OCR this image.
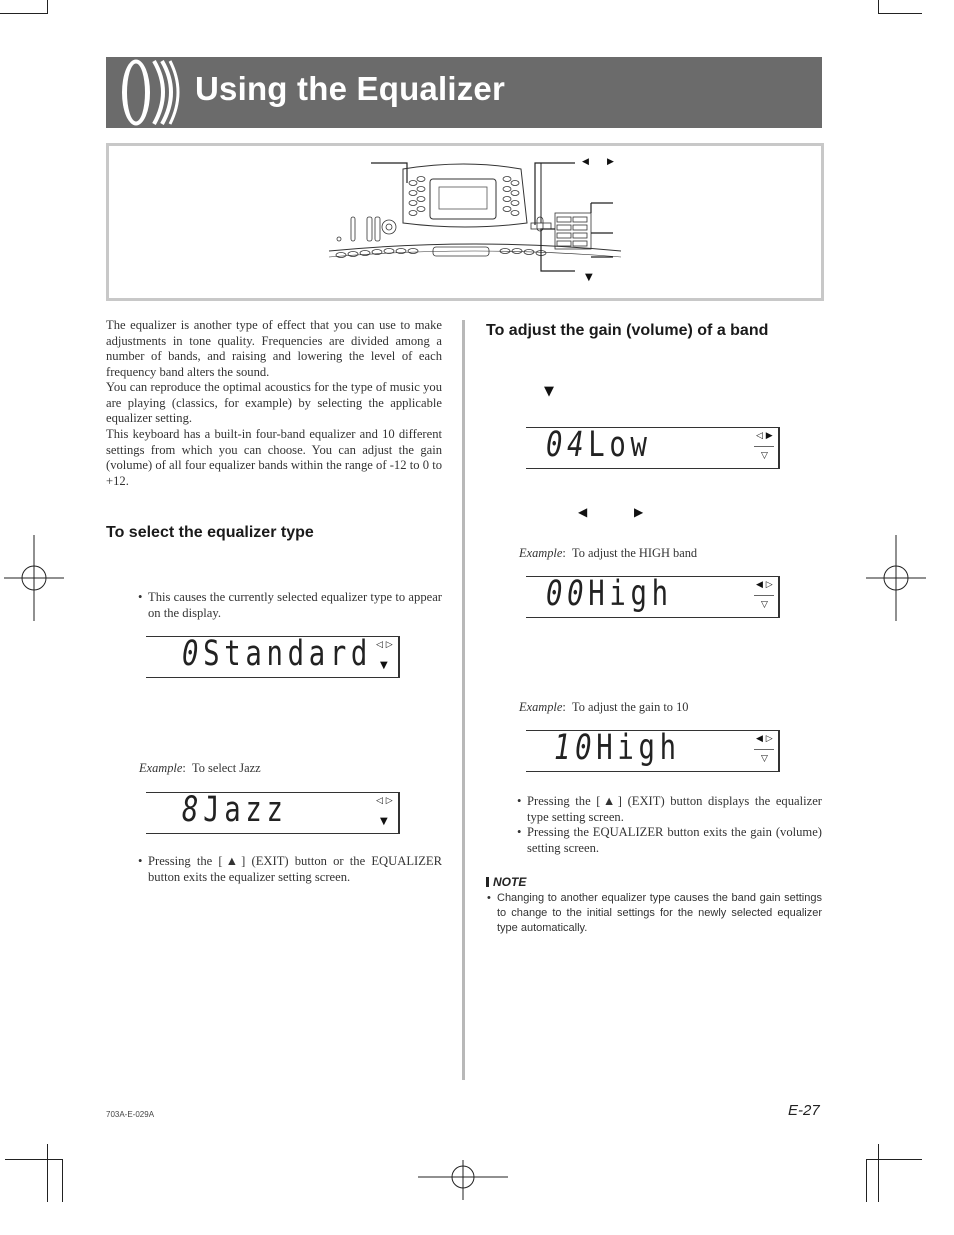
Using the Equalizer
◀ ▶
▼
The equalizer is another type of effect that you can use to make adjustments in tone quality. Frequencies are divided among a number of bands, and raising and lowering the level of each frequency band alters the sound.
You can reproduce the optimal acoustics for the type of music you are playing (classics, for example) by selecting the applicable equalizer setting.
This keyboard has a built-in four-band equalizer and 10 different settings from which you can choose. You can adjust the gain (volume) of all four equalizer bands within the range of -12 to 0 to +12.
To select the equalizer type
• This causes the currently selected equalizer type to appear on the display.
0Standard ◁ ▷
▼
Example:  To select Jazz
8Jazz	◁ ▷
▼
• Pressing the [▲] (EXIT) button or the EQUALIZER button exits the equalizer setting screen.
To adjust the gain (volume) of a band
▼
04Low	◁ ▶
▽
◀	▶
Example:  To adjust the HIGH band
00High	◀ ▷
▽
Example:  To adjust the gain to 10
10High	◀ ▷
▽
• Pressing the [▲] (EXIT) button displays the equalizer type setting screen.
• Pressing the EQUALIZER button exits the gain (volume) setting screen.
NOTE
• Changing to another equalizer type causes the band gain settings to change to the initial settings for the newly selected equalizer type automatically.
703A-E-029A	E-27
